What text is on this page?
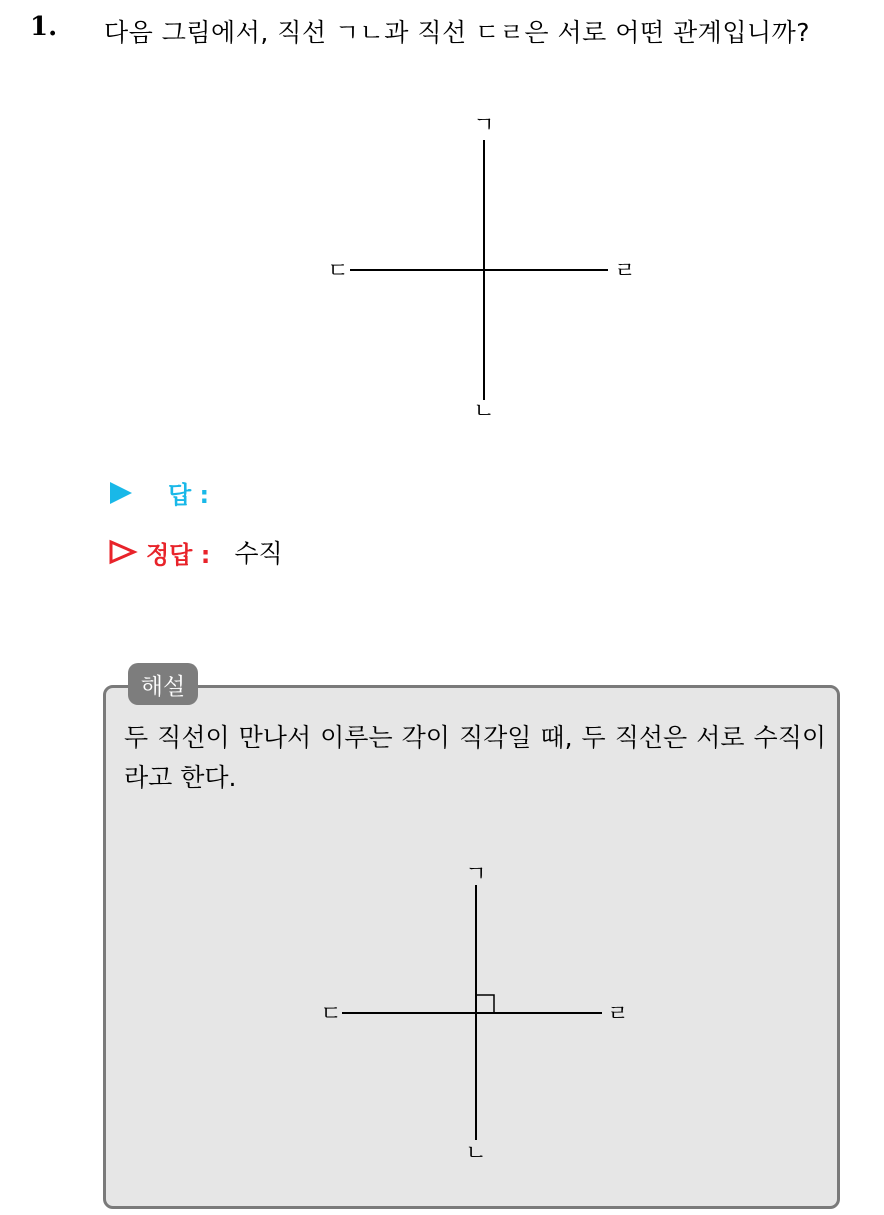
1. 다음 그림에서, 직선 ㄱㄴ과 직선 ㄷㄹ은 서로 어떤 관계입니까?
ㄱ
ㄴ
ㄷ	ㄹ
답 :
정답 : 수직
해설
두 직선이 만나서 이루는 각이 직각일 때, 두 직선은 서로 수직이라고 한다.
ㄱ
ㄴ
ㄷ	ㄹ
